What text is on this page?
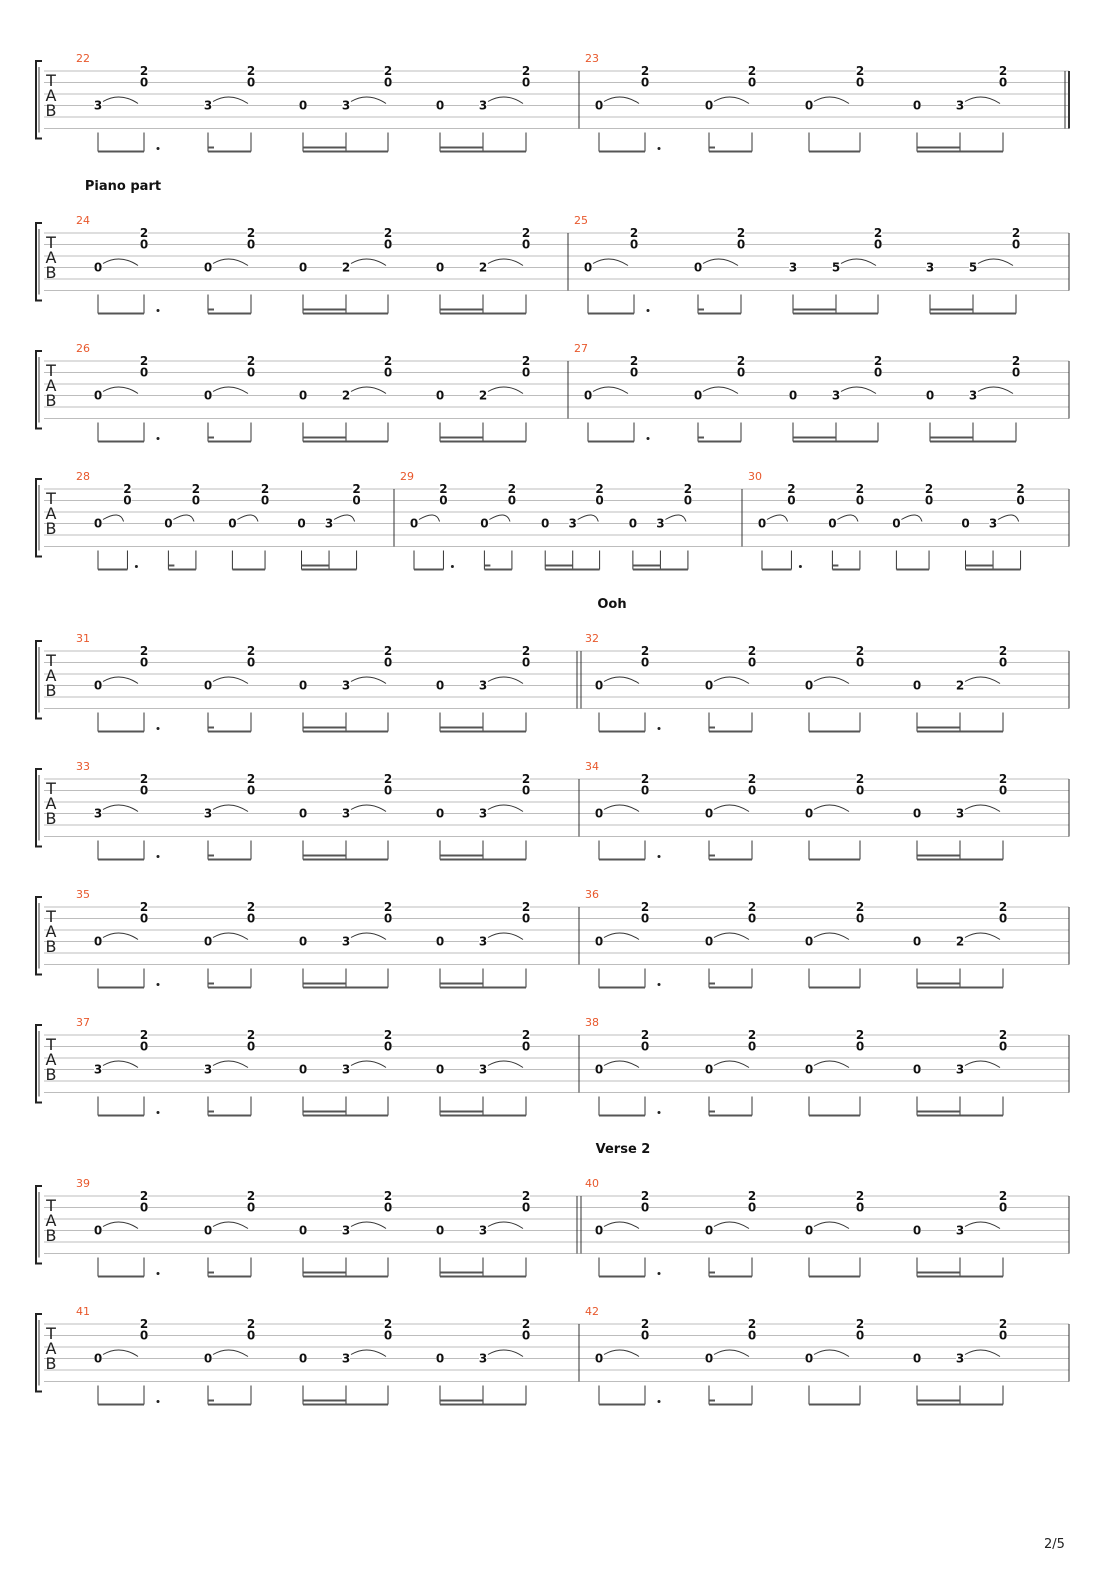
T
A
B
22
3
0
2
3
0
2
0	3
0
2
0	3
0
2
23
0
0
2
0
0
2
0
0
2
0	3
0
2
T
A
B
Piano part
24
0
0
2
0
0
2
0	2
0
2
0	2
0
2
25
0
0
2
0
0
2
3	5
0
2
3	5
0
2
T
A
B
26
0
0
2
0
0
2
0	2
0
2
0	2
0
2
27
0
0
2
0
0
2
0	3
0
2
0	3
0
2
T
A
B
28
0
0
2
0
0
2
0
0
2
0 3
0
2
29
0
0
2
0
0
2
0 3
0
2
0 3
0
2
30
0
0
2
0
0
2
0
0
2
0 3
0
2
T
A
B
Ooh
31
0
0
2
0
0
2
0	3
0
2
0	3
0
2
32
0
0
2
0
0
2
0
0
2
0	2
0
2
T
A
B
33
3
0
2
3
0
2
0	3
0
2
0	3
0
2
34
0
0
2
0
0
2
0
0
2
0	3
0
2
T
A
B
35
0
0
2
0
0
2
0	3
0
2
0	3
0
2
36
0
0
2
0
0
2
0
0
2
0	2
0
2
T
A
B
37
3
0
2
3
0
2
0	3
0
2
0	3
0
2
38
0
0
2
0
0
2
0
0
2
0	3
0
2
T
A
B
Verse 2
39
0
0
2
0
0
2
0	3
0
2
0	3
0
2
40
0
0
2
0
0
2
0
0
2
0	3
0
2
T
A
B
41
0
0
2
0
0
2
0	3
0
2
0	3
0
2
42
0
0
2
0
0
2
0
0
2
0	3
0
2
2/5
